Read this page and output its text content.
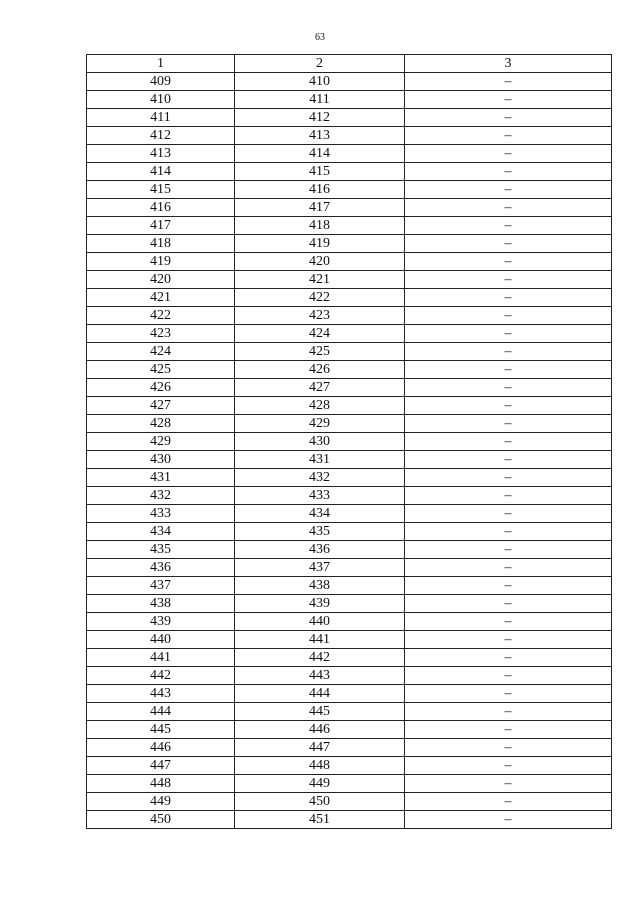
63
1	2	3
409	410	–
410	411	–
411	412	–
412	413	–
413	414	–
414	415	–
415	416	–
416	417	–
417	418	–
418	419	–
419	420	–
420	421	–
421	422	–
422	423	–
423	424	–
424	425	–
425	426	–
426	427	–
427	428	–
428	429	–
429	430	–
430	431	–
431	432	–
432	433	–
433	434	–
434	435	–
435	436	–
436	437	–
437	438	–
438	439	–
439	440	–
440	441	–
441	442	–
442	443	–
443	444	–
444	445	–
445	446	–
446	447	–
447	448	–
448	449	–
449	450	–
450	451	–
